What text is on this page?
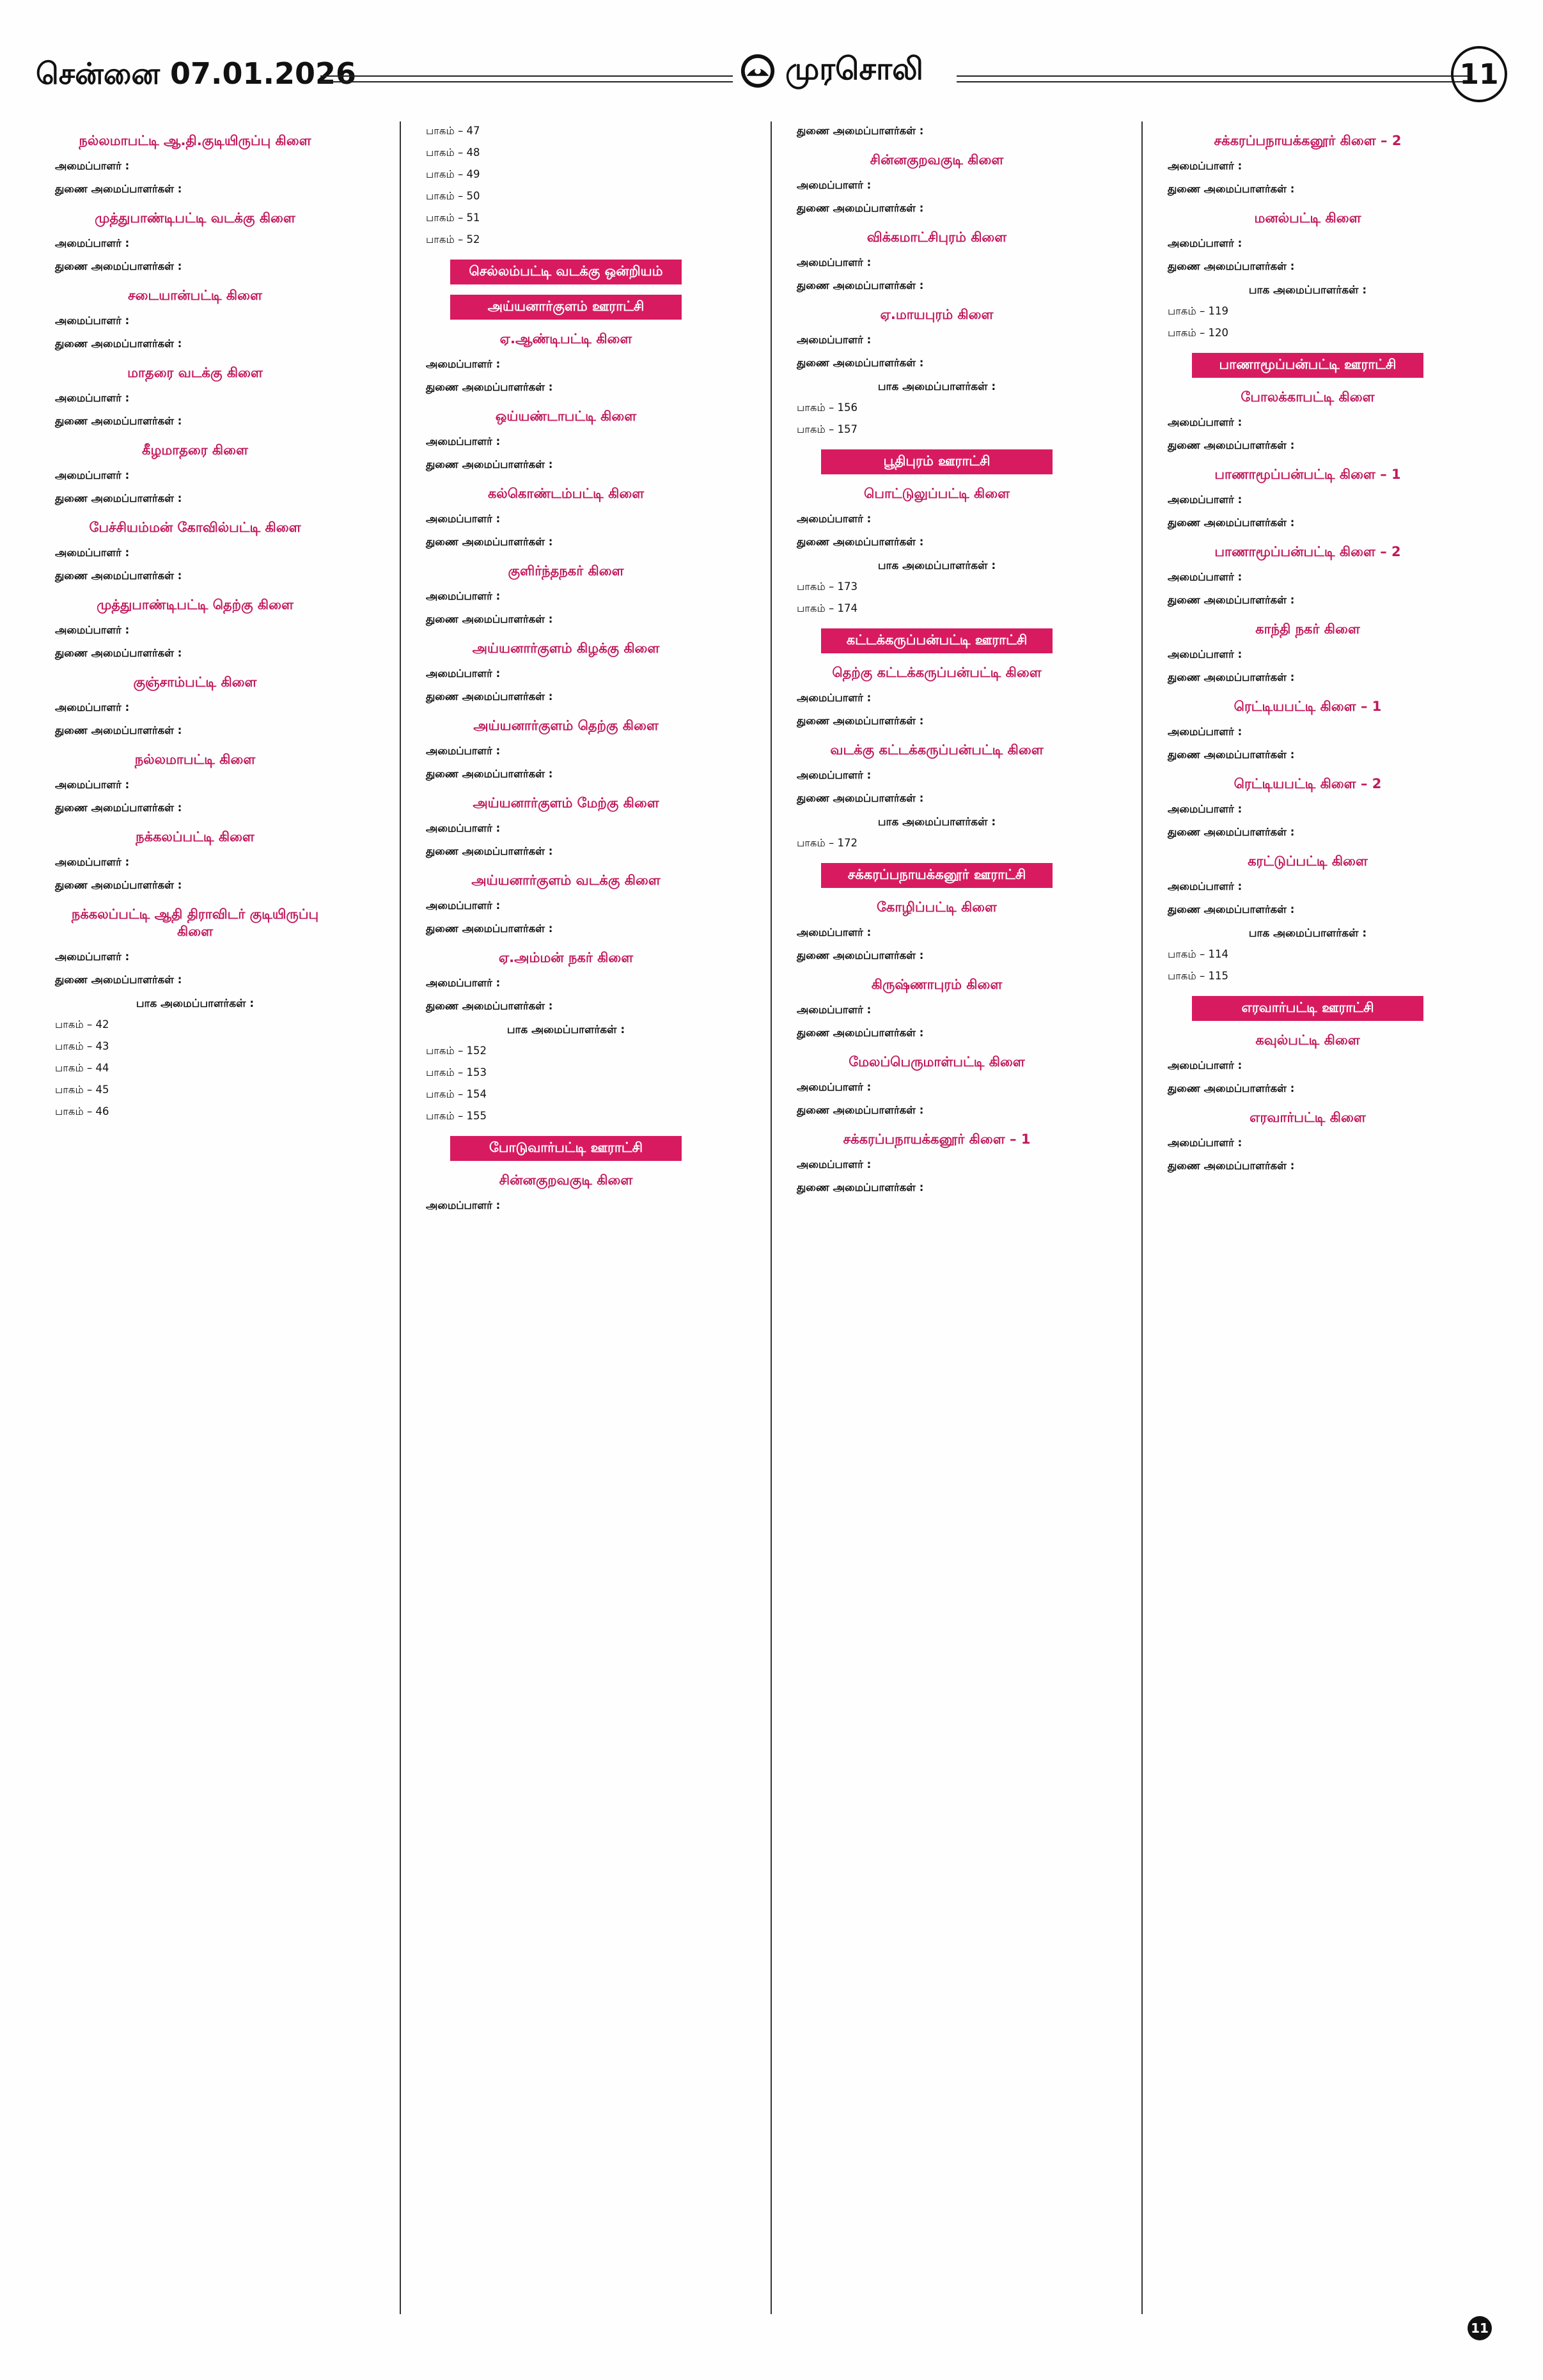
சென்னை 07.01.2026	முரசொலி	11
நல்லமாபட்டி ஆ.தி.குடியிருப்பு கிளை
அமைப்பாளர் :
துணை அமைப்பாளர்கள் :
முத்துபாண்டிபட்டி வடக்கு கிளை
அமைப்பாளர் :
துணை அமைப்பாளர்கள் :
சடையான்பட்டி கிளை
அமைப்பாளர் :
துணை அமைப்பாளர்கள் :
மாதரை வடக்கு கிளை
அமைப்பாளர் :
துணை அமைப்பாளர்கள் :
கீழமாதரை கிளை
அமைப்பாளர் :
துணை அமைப்பாளர்கள் :
பேச்சியம்மன் கோவில்பட்டி கிளை
அமைப்பாளர் :
துணை அமைப்பாளர்கள் :
முத்துபாண்டிபட்டி தெற்கு கிளை
அமைப்பாளர் :
துணை அமைப்பாளர்கள் :
குஞ்சாம்பட்டி கிளை
அமைப்பாளர் :
துணை அமைப்பாளர்கள் :
நல்லமாபட்டி கிளை
அமைப்பாளர் :
துணை அமைப்பாளர்கள் :
நக்கலப்பட்டி கிளை
அமைப்பாளர் :
துணை அமைப்பாளர்கள் :
நக்கலப்பட்டி ஆதி திராவிடர் குடியிருப்பு கிளை
அமைப்பாளர் :
துணை அமைப்பாளர்கள் :
பாக அமைப்பாளர்கள் :
பாகம் – 42
பாகம் – 43
பாகம் – 44
பாகம் – 45
பாகம் – 46
பாகம் – 47
பாகம் – 48
பாகம் – 49
பாகம் – 50
பாகம் – 51
பாகம் – 52
செல்லம்பட்டி வடக்கு ஒன்றியம்
அய்யனார்குளம் ஊராட்சி
ஏ.ஆண்டிபட்டி கிளை
அமைப்பாளர் :
துணை அமைப்பாளர்கள் :
ஒய்யண்டாபட்டி கிளை
அமைப்பாளர் :
துணை அமைப்பாளர்கள் :
கல்கொண்டம்பட்டி கிளை
அமைப்பாளர் :
துணை அமைப்பாளர்கள் :
குளிர்ந்தநகர் கிளை
அமைப்பாளர் :
துணை அமைப்பாளர்கள் :
அய்யனார்குளம் கிழக்கு கிளை
அமைப்பாளர் :
துணை அமைப்பாளர்கள் :
அய்யனார்குளம் தெற்கு கிளை
அமைப்பாளர் :
துணை அமைப்பாளர்கள் :
அய்யனார்குளம் மேற்கு கிளை
அமைப்பாளர் :
துணை அமைப்பாளர்கள் :
அய்யனார்குளம் வடக்கு கிளை
அமைப்பாளர் :
துணை அமைப்பாளர்கள் :
ஏ.அம்மன் நகர் கிளை
அமைப்பாளர் :
துணை அமைப்பாளர்கள் :
பாக அமைப்பாளர்கள் :
பாகம் – 152
பாகம் – 153
பாகம் – 154
பாகம் – 155
போடுவார்பட்டி ஊராட்சி
சின்னகுறவகுடி கிளை
அமைப்பாளர் :
துணை அமைப்பாளர்கள் :
சின்னகுறவகுடி கிளை
அமைப்பாளர் :
துணை அமைப்பாளர்கள் :
விக்கமாட்சிபுரம் கிளை
அமைப்பாளர் :
துணை அமைப்பாளர்கள் :
ஏ.மாயபுரம் கிளை
அமைப்பாளர் :
துணை அமைப்பாளர்கள் :
பாக அமைப்பாளர்கள் :
பாகம் – 156
பாகம் – 157
பூதிபுரம் ஊராட்சி
பொட்டுலுப்பட்டி கிளை
அமைப்பாளர் :
துணை அமைப்பாளர்கள் :
பாக அமைப்பாளர்கள் :
பாகம் – 173
பாகம் – 174
கட்டக்கருப்பன்பட்டி ஊராட்சி
தெற்கு கட்டக்கருப்பன்பட்டி கிளை
அமைப்பாளர் :
துணை அமைப்பாளர்கள் :
வடக்கு கட்டக்கருப்பன்பட்டி கிளை
அமைப்பாளர் :
துணை அமைப்பாளர்கள் :
பாக அமைப்பாளர்கள் :
பாகம் – 172
சக்கரப்பநாயக்கனூர் ஊராட்சி
கோழிப்பட்டி கிளை
அமைப்பாளர் :
துணை அமைப்பாளர்கள் :
கிருஷ்ணாபுரம் கிளை
அமைப்பாளர் :
துணை அமைப்பாளர்கள் :
மேலப்பெருமாள்பட்டி கிளை
அமைப்பாளர் :
துணை அமைப்பாளர்கள் :
சக்கரப்பநாயக்கனூர் கிளை – 1
அமைப்பாளர் :
துணை அமைப்பாளர்கள் :
சக்கரப்பநாயக்கனூர் கிளை – 2
அமைப்பாளர் :
துணை அமைப்பாளர்கள் :
மனல்பட்டி கிளை
அமைப்பாளர் :
துணை அமைப்பாளர்கள் :
பாக அமைப்பாளர்கள் :
பாகம் – 119
பாகம் – 120
பாணாமூப்பன்பட்டி ஊராட்சி
போலக்காபட்டி கிளை
அமைப்பாளர் :
துணை அமைப்பாளர்கள் :
பாணாமூப்பன்பட்டி கிளை – 1
அமைப்பாளர் :
துணை அமைப்பாளர்கள் :
பாணாமூப்பன்பட்டி கிளை – 2
அமைப்பாளர் :
துணை அமைப்பாளர்கள் :
காந்தி நகர் கிளை
அமைப்பாளர் :
துணை அமைப்பாளர்கள் :
ரெட்டியபட்டி கிளை – 1
அமைப்பாளர் :
துணை அமைப்பாளர்கள் :
ரெட்டியபட்டி கிளை – 2
அமைப்பாளர் :
துணை அமைப்பாளர்கள் :
கரட்டுப்பட்டி கிளை
அமைப்பாளர் :
துணை அமைப்பாளர்கள் :
பாக அமைப்பாளர்கள் :
பாகம் – 114
பாகம் – 115
எரவார்பட்டி ஊராட்சி
கவுல்பட்டி கிளை
அமைப்பாளர் :
துணை அமைப்பாளர்கள் :
எரவார்பட்டி கிளை
அமைப்பாளர் :
துணை அமைப்பாளர்கள் :
11
